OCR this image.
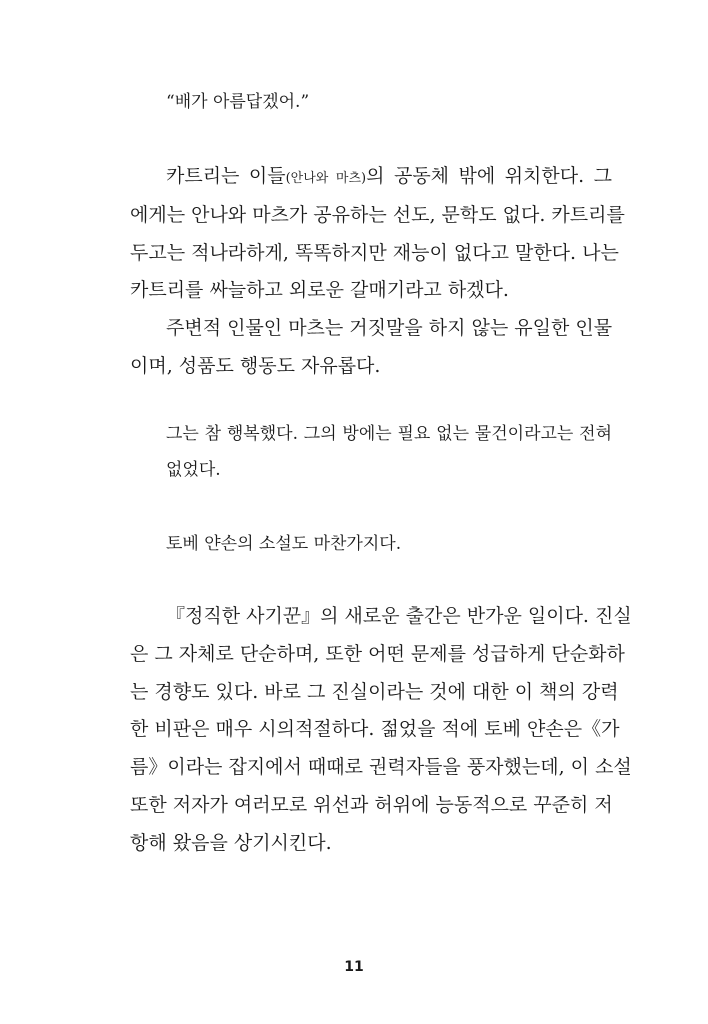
“배가 아름답겠어.”
카트리는 이들(안나와 마츠)의 공동체 밖에 위치한다. 그
에게는 안나와 마츠가 공유하는 선도, 문학도 없다. 카트리를
두고는 적나라하게, 똑똑하지만 재능이 없다고 말한다. 나는
카트리를 싸늘하고 외로운 갈매기라고 하겠다.
주변적 인물인 마츠는 거짓말을 하지 않는 유일한 인물
이며, 성품도 행동도 자유롭다.
그는 참 행복했다. 그의 방에는 필요 없는 물건이라고는 전혀
없었다.
토베 얀손의 소설도 마찬가지다.
『정직한 사기꾼』의 새로운 출간은 반가운 일이다. 진실
은 그 자체로 단순하며, 또한 어떤 문제를 성급하게 단순화하
는 경향도 있다. 바로 그 진실이라는 것에 대한 이 책의 강력
한 비판은 매우 시의적절하다. 젊었을 적에 토베 얀손은《가
름》이라는 잡지에서 때때로 권력자들을 풍자했는데, 이 소설
또한 저자가 여러모로 위선과 허위에 능동적으로 꾸준히 저
항해 왔음을 상기시킨다.
11
